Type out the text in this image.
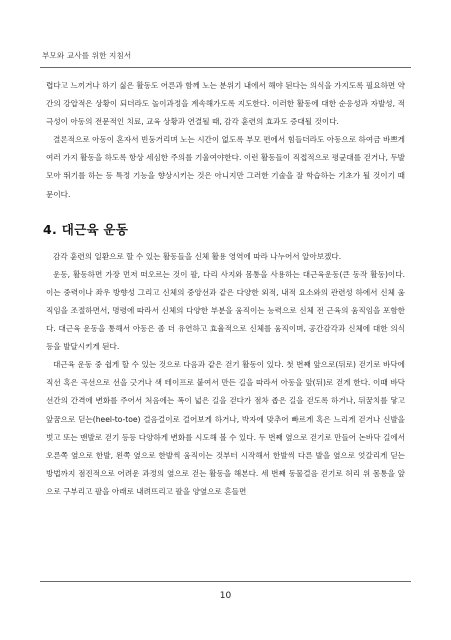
부모와 교사를 위한 지침서

렵다고 느끼거나 하기 싫은 활동도 어른과 함께 노는 분위기 내에서 해야 된다는 의식을 가지도록 필요하면 약간의 강압적은 상황이 되더라도 놀이과정을 계속해가도록 지도한다. 이러한 활동에 대한 순응성과 자발성, 적극성이 아동의 전문적인 치료, 교육 상황과 연결될 때, 감각 훈련의 효과도 증대될 것이다.

결론적으로 아동이 혼자서 빈둥거리며 노는 시간이 없도록 부모 편에서 힘들더라도 아동으로 하여금 바쁘게 여러 가지 활동을 하도록 항상 세심한 주의를 기울여야한다. 이런 활동들이 직접적으로 평균대를 걷거나, 두발 모아 뛰기를 하는 등 특정 기능을 향상시키는 것은 아니지만 그러한 기술을 잘 학습하는 기초가 될 것이기 때문이다.

4. 대근육 운동

감각 훈련의 일환으로 할 수 있는 활동들을 신체 활용 영역에 따라 나누어서 알아보겠다.

운동, 활동하면 가장 먼저 떠오르는 것이 팔, 다리 사지와 몸통을 사용하는 대근육운동(큰 동작 활동)이다. 이는 중력이나 좌우 방향성 그리고 신체의 중앙선과 같은 다양한 외적, 내적 요소와의 관련성 하에서 신체 움직임을 조절하면서, 명령에 따라서 신체의 다양한 부분을 움직이는 능력으로 신체 전 근육의 움직임을 포함한다. 대근육 운동을 통해서 아동은 좀 더 유연하고 효율적으로 신체를 움직이며, 공간감각과 신체에 대한 의식 등을 발달시키게 된다.

대근육 운동 중 쉽게 할 수 있는 것으로 다음과 같은 걷기 활동이 있다. 첫 번째 앞으로(뒤로) 걷기로 바닥에 직선 혹은 곡선으로 선을 긋거나 색 테이프로 붙여서 만든 길을 따라서 아동을 앞(뒤)로 걷게 한다. 이때 바닥 선간의 간격에 변화를 주어서 처음에는 폭이 넓은 길을 걷다가 점차 좁은 길을 걷도록 하거나, 뒤꿈치를 닿고 앞꿈으로 딛는(heel-to-toe) 걸음걸이로 걸어보게 하거나, 박자에 맞추어 빠르게 혹은 느리게 걷거나 신발을 벗고 또는 맨발로 걷기 등등 다양하게 변화를 시도해 볼 수 있다. 두 번째 옆으로 걷기로 만들어 논바닥 길에서 오른쪽 옆으로 한발, 왼쪽 옆으로 한발씩 움직이는 것부터 시작해서 한발씩 다른 발을 옆으로 엇갈리게 딛는 방법까지 점진적으로 어려운 과정의 옆으로 걷는 활동을 해본다. 세 번째 동물걸음 걷기로 허리 위 몸통을 앞으로 구부리고 팔을 아래로 내려뜨리고 팔을 양옆으로 흔들면

10
